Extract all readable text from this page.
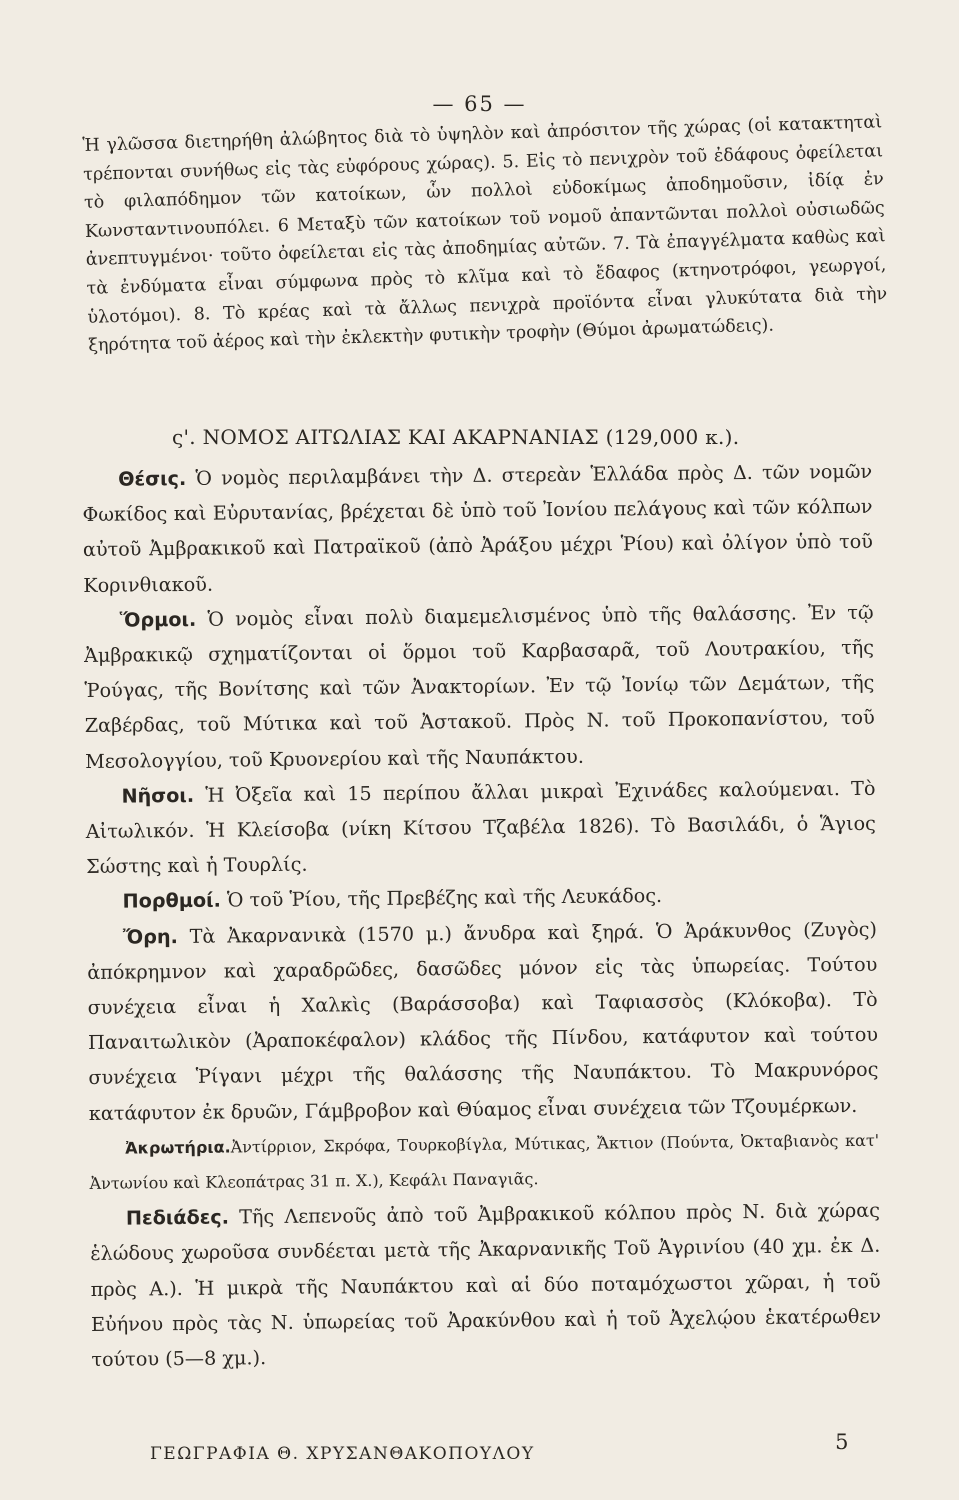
— 65 —
Ἡ γλῶσσα διετηρήθη ἀλώβητος διὰ τὸ ὑψηλὸν καὶ ἀπρόσιτον τῆς χώρας (οἱ κατακτηταὶ τρέπονται συνήθως εἰς τὰς εὐφόρους χώρας). 5. Εἰς τὸ πενιχρὸν τοῦ ἐδάφους ὀφείλεται τὸ φιλαπόδημον τῶν κατοίκων, ὧν πολλοὶ εὐδοκίμως ἀποδημοῦσιν, ἰδίᾳ ἐν Κωνσταντινουπόλει. 6 Μεταξὺ τῶν κατοίκων τοῦ νομοῦ ἀπαντῶνται πολλοὶ οὐσιωδῶς ἀνεπτυγμένοι· τοῦτο ὀφείλεται εἰς τὰς ἀποδημίας αὐτῶν. 7. Τὰ ἐπαγγέλματα καθὼς καὶ τὰ ἐνδύματα εἶναι σύμφωνα πρὸς τὸ κλῖμα καὶ τὸ ἔδαφος (κτηνοτρόφοι, γεωργοί, ὑλοτόμοι). 8. Τὸ κρέας καὶ τὰ ἄλλως πενιχρὰ προϊόντα εἶναι γλυκύτατα διὰ τὴν ξηρότητα τοῦ ἀέρος καὶ τὴν ἐκλεκτὴν φυτικὴν τροφὴν (Θύμοι ἀρωματώδεις).
ς'. ΝΟΜΟΣ ΑΙΤΩΛΙΑΣ ΚΑΙ ΑΚΑΡΝΑΝΙΑΣ (129,000 κ.).

Θέσις. Ὁ νομὸς περιλαμβάνει τὴν Δ. στερεὰν Ἑλλάδα πρὸς Δ. τῶν νομῶν Φωκίδος καὶ Εὐρυτανίας, βρέχεται δὲ ὑπὸ τοῦ Ἰονίου πελάγους καὶ τῶν κόλπων αὐτοῦ Ἀμβρακικοῦ καὶ Πατραϊκοῦ (ἀπὸ Ἀράξου μέχρι Ῥίου) καὶ ὀλίγον ὑπὸ τοῦ Κορινθιακοῦ.

Ὅρμοι. Ὁ νομὸς εἶναι πολὺ διαμεμελισμένος ὑπὸ τῆς θαλάσσης. Ἐν τῷ Ἀμβρακικῷ σχηματίζονται οἱ ὅρμοι τοῦ Καρβασαρᾶ, τοῦ Λουτρακίου, τῆς Ῥούγας, τῆς Βονίτσης καὶ τῶν Ἀνακτορίων. Ἐν τῷ Ἰονίῳ τῶν Δεμάτων, τῆς Ζαβέρδας, τοῦ Μύτικα καὶ τοῦ Ἀστακοῦ. Πρὸς Ν. τοῦ Προκοπανίστου, τοῦ Μεσολογγίου, τοῦ Κρυονερίου καὶ τῆς Ναυπάκτου.

Νῆσοι. Ἡ Ὀξεῖα καὶ 15 περίπου ἄλλαι μικραὶ Ἐχινάδες καλούμεναι. Τὸ Αἰτωλικόν. Ἡ Κλείσοβα (νίκη Κίτσου Τζαβέλα 1826). Τὸ Βασιλάδι, ὁ Ἅγιος Σώστης καὶ ἡ Τουρλίς.

Πορθμοί. Ὁ τοῦ Ῥίου, τῆς Πρεβέζης καὶ τῆς Λευκάδος.

Ὄρη. Τὰ Ἀκαρνανικὰ (1570 μ.) ἄνυδρα καὶ ξηρά. Ὁ Ἀράκυνθος (Ζυγὸς) ἀπόκρημνον καὶ χαραδρῶδες, δασῶδες μόνον εἰς τὰς ὑπωρείας. Τούτου συνέχεια εἶναι ἡ Χαλκὶς (Βαράσσοβα) καὶ Ταφιασσὸς (Κλόκοβα). Τὸ Παναιτωλικὸν (Ἀραποκέφαλον) κλάδος τῆς Πίνδου, κατάφυτον καὶ τούτου συνέχεια Ῥίγανι μέχρι τῆς θαλάσσης τῆς Ναυπάκτου. Τὸ Μακρυνόρος κατάφυτον ἐκ δρυῶν, Γάμβροβον καὶ Θύαμος εἶναι συνέχεια τῶν Τζουμέρκων.

Ἀκρωτήρια.Ἀντίρριον, Σκρόφα, Τουρκοβίγλα, Μύτικας, Ἄκτιον (Πούντα, Ὀκταβιανὸς κατ' Ἀντωνίου καὶ Κλεοπάτρας 31 π. Χ.), Κεφάλι Παναγιᾶς.

Πεδιάδες. Τῆς Λεπενοῦς ἀπὸ τοῦ Ἀμβρακικοῦ κόλπου πρὸς Ν. διὰ χώρας ἑλώδους χωροῦσα συνδέεται μετὰ τῆς Ἀκαρνανικῆς Τοῦ Ἀγρινίου (40 χμ. ἐκ Δ. πρὸς Α.). Ἡ μικρὰ τῆς Ναυπάκτου καὶ αἱ δύο ποταμόχωστοι χῶραι, ἡ τοῦ Εὐήνου πρὸς τὰς Ν. ὑπωρείας τοῦ Ἀρακύνθου καὶ ἡ τοῦ Ἀχελῴου ἑκατέρωθεν τούτου (5—8 χμ.).

ΓΕΩΓΡΑΦΙΑ Θ. ΧΡΥΣΑΝΘΑΚΟΠΟΥΛΟΥ	5
